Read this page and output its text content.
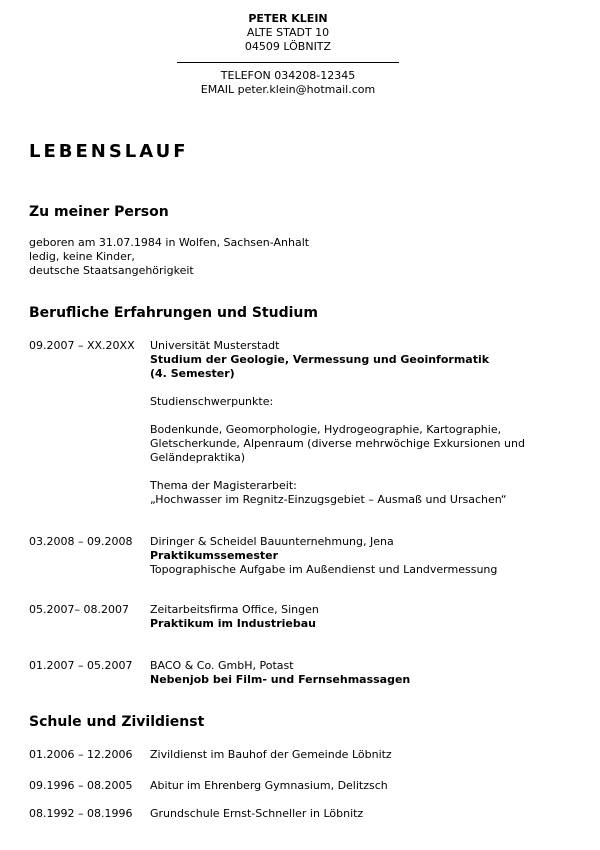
PETER KLEIN
ALTE STADT 10
04509 LÖBNITZ
TELEFON 034208-12345
EMAIL peter.klein@hotmail.com
LEBENSLAUF
Zu meiner Person
geboren am 31.07.1984 in Wolfen, Sachsen-Anhalt
ledig, keine Kinder,
deutsche Staatsangehörigkeit
Berufliche Erfahrungen und Studium
09.2007 – XX.20XX	Universität Musterstadt
Studium der Geologie, Vermessung und Geoinformatik
(4. Semester)
Studienschwerpunkte:
Bodenkunde, Geomorphologie, Hydrogeographie, Kartographie,
Gletscherkunde, Alpenraum (diverse mehrwöchige Exkursionen und
Geländepraktika)
Thema der Magisterarbeit:
„Hochwasser im Regnitz-Einzugsgebiet – Ausmaß und Ursachen“
03.2008 – 09.2008	Diringer & Scheidel Bauunternehmung, Jena
Praktikumssemester
Topographische Aufgabe im Außendienst und Landvermessung
05.2007– 08.2007	Zeitarbeitsfirma Office, Singen
Praktikum im Industriebau
01.2007 – 05.2007	BACO & Co. GmbH, Potast
Nebenjob bei Film- und Fernsehmassagen
Schule und Zivildienst
01.2006 – 12.2006	Zivildienst im Bauhof der Gemeinde Löbnitz
09.1996 – 08.2005	Abitur im Ehrenberg Gymnasium, Delitzsch
08.1992 – 08.1996	Grundschule Ernst-Schneller in Löbnitz
